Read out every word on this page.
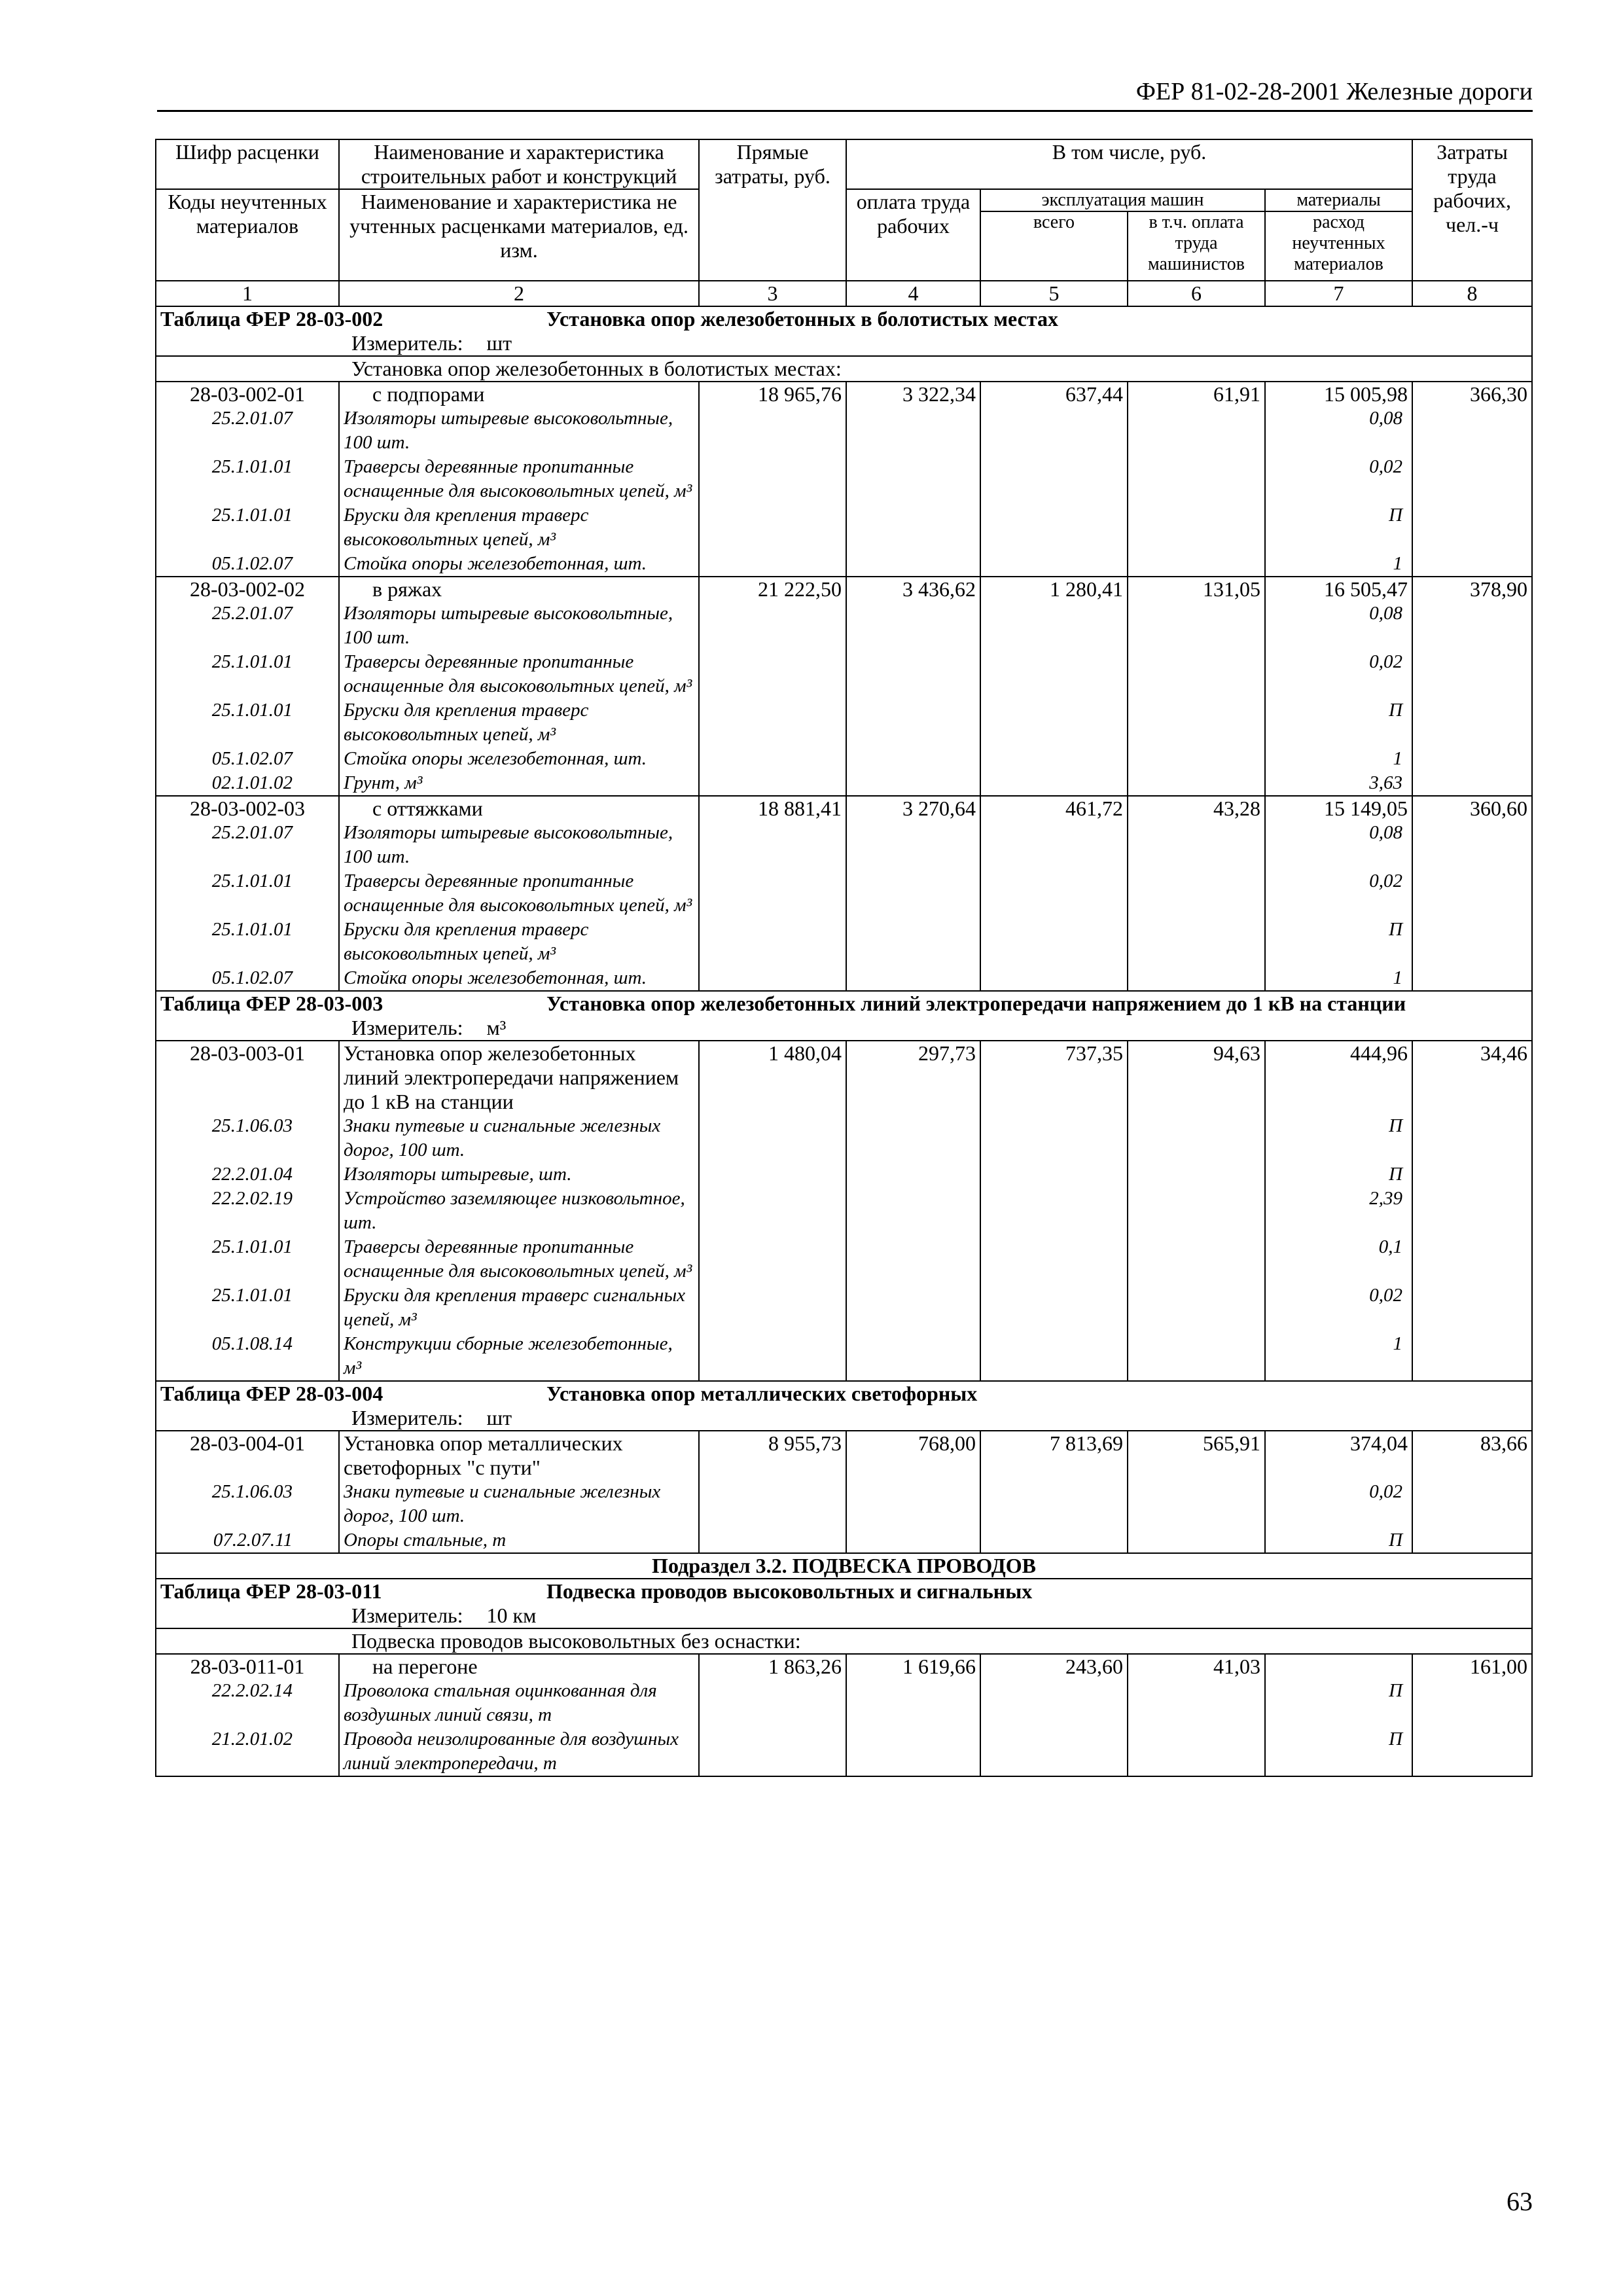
ФЕР 81-02-28-2001 Железные дороги
Шифр расценки	Наименование и характеристика строительных работ и конструкций	Прямые затраты, руб.	В том числе, руб.				Затраты труда рабочих, чел.-ч
Коды неучтенных материалов	Наименование и характеристика не учтенных расценками материалов, ед. изм.		оплата труда рабочих	эксплуатация машин		материалы	
				всего	в т.ч. оплата труда машинистов	расход неучтенных материалов	
1	2	3	4	5	6	7	8
Таблица ФЕР 28-03-002 Установка опор железобетонных в болотистых местах							
Измеритель: шт							
Установка опор железобетонных в болотистых местах:							
28-03-002-01	с подпорами	18 965,76	3 322,34	637,44	61,91	15 005,98	366,30
25.2.01.07	Изоляторы штыревые высоковольтные, 100 шт.					0,08	
25.1.01.01	Траверсы деревянные пропитанные оснащенные для высоковольтных цепей, м³					0,02	
25.1.01.01	Бруски для крепления траверс высоковольтных цепей, м³					П	
05.1.02.07	Стойка опоры железобетонная, шт.					1	
28-03-002-02	в ряжах	21 222,50	3 436,62	1 280,41	131,05	16 505,47	378,90
25.2.01.07	Изоляторы штыревые высоковольтные, 100 шт.					0,08	
25.1.01.01	Траверсы деревянные пропитанные оснащенные для высоковольтных цепей, м³					0,02	
25.1.01.01	Бруски для крепления траверс высоковольтных цепей, м³					П	
05.1.02.07	Стойка опоры железобетонная, шт.					1	
02.1.01.02	Грунт, м³					3,63	
28-03-002-03	с оттяжками	18 881,41	3 270,64	461,72	43,28	15 149,05	360,60
25.2.01.07	Изоляторы штыревые высоковольтные, 100 шт.					0,08	
25.1.01.01	Траверсы деревянные пропитанные оснащенные для высоковольтных цепей, м³					0,02	
25.1.01.01	Бруски для крепления траверс высоковольтных цепей, м³					П	
05.1.02.07	Стойка опоры железобетонная, шт.					1	
Таблица ФЕР 28-03-003 Установка опор железобетонных линий электропередачи напряжением до 1 кВ на станции							
Измеритель: м³							
28-03-003-01	Установка опор железобетонных линий электропередачи напряжением до 1 кВ на станции	1 480,04	297,73	737,35	94,63	444,96	34,46
25.1.06.03	Знаки путевые и сигнальные железных дорог, 100 шт.					П	
22.2.01.04	Изоляторы штыревые, шт.					П	
22.2.02.19	Устройство заземляющее низковольтное, шт.					2,39	
25.1.01.01	Траверсы деревянные пропитанные оснащенные для высоковольтных цепей, м³					0,1	
25.1.01.01	Бруски для крепления траверс сигнальных цепей, м³					0,02	
05.1.08.14	Конструкции сборные железобетонные, м³					1	
Таблица ФЕР 28-03-004 Установка опор металлических светофорных							
Измеритель: шт							
28-03-004-01	Установка опор металлических светофорных "с пути"	8 955,73	768,00	7 813,69	565,91	374,04	83,66
25.1.06.03	Знаки путевые и сигнальные железных дорог, 100 шт.					0,02	
07.2.07.11	Опоры стальные, т					П	
Подраздел 3.2. ПОДВЕСКА ПРОВОДОВ							
Таблица ФЕР 28-03-011 Подвеска проводов высоковольтных и сигнальных							
Измеритель: 10 км							
Подвеска проводов высоковольтных без оснастки:							
28-03-011-01	на перегоне	1 863,26	1 619,66	243,60	41,03		161,00
22.2.02.14	Проволока стальная оцинкованная для воздушных линий связи, т					П	
21.2.01.02	Провода неизолированные для воздушных линий электропередачи, т					П	
63
